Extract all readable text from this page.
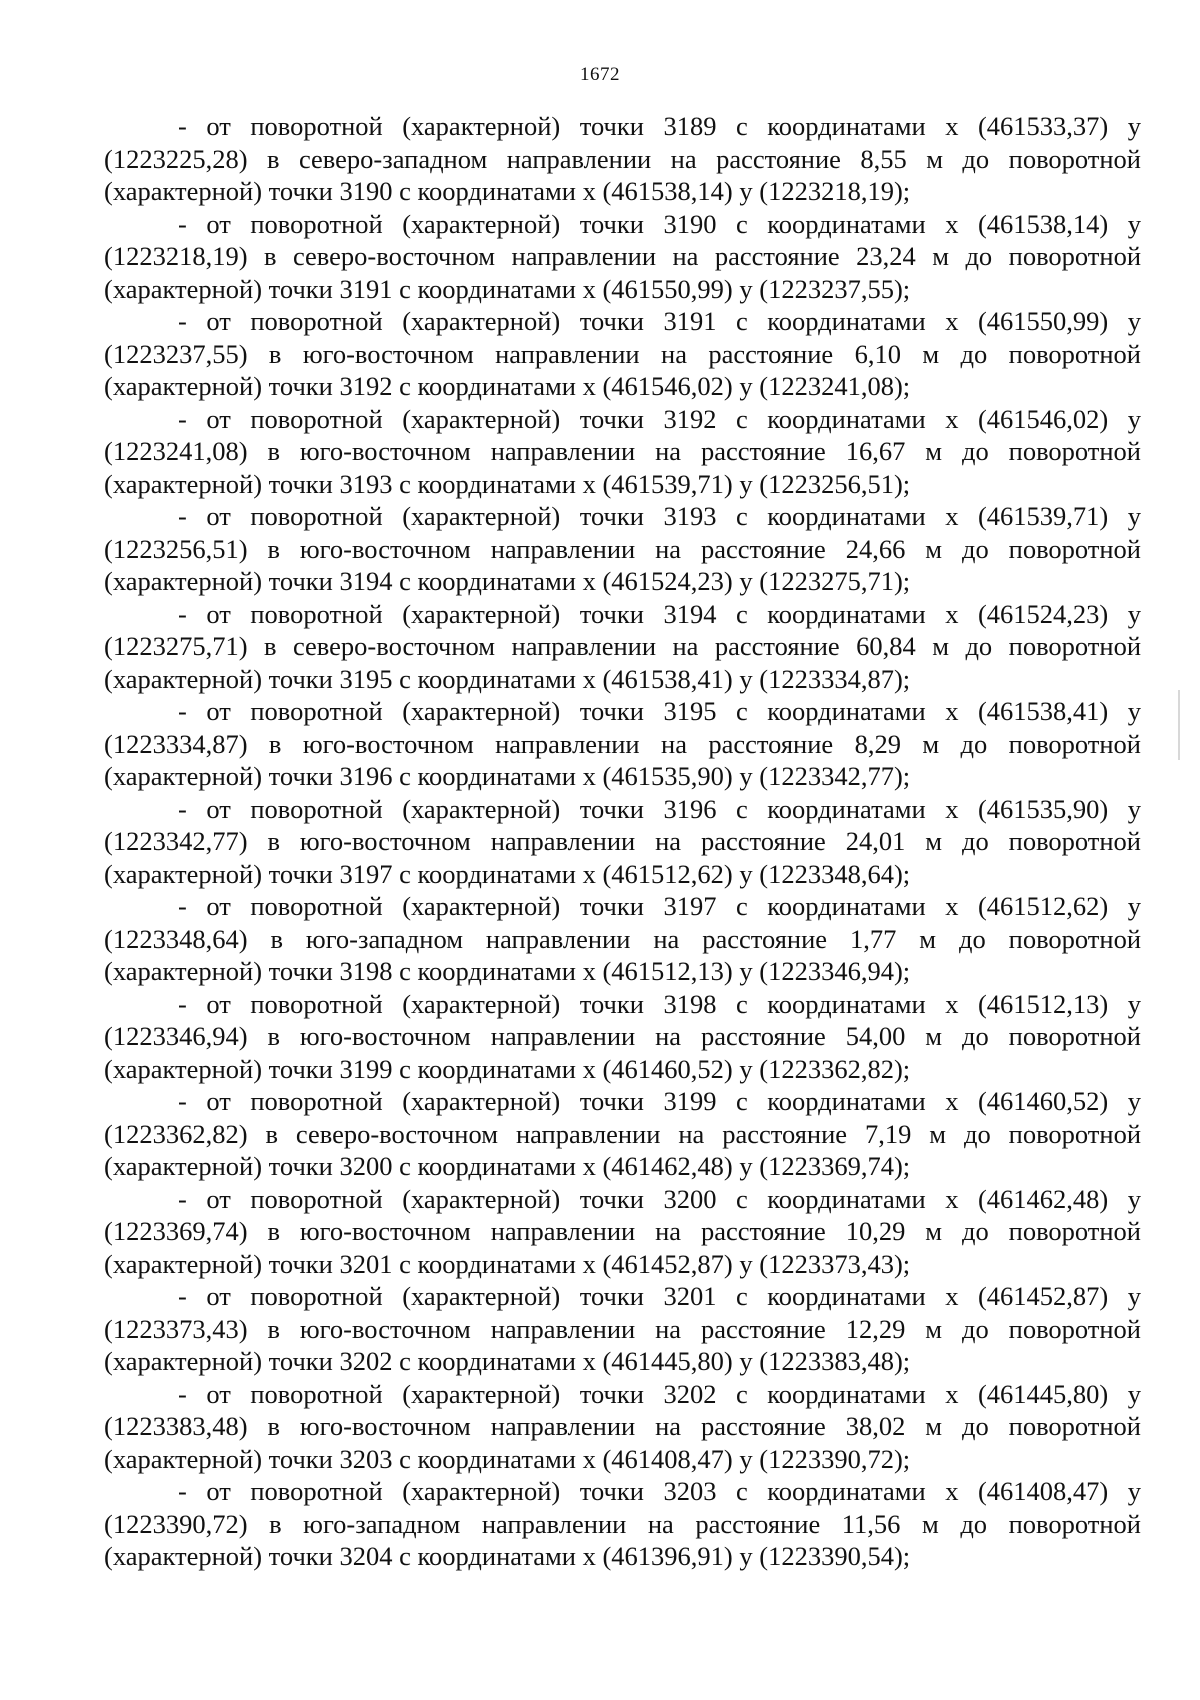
1672

- от поворотной (характерной) точки 3189 с координатами x (461533,37) y (1223225,28) в северо-западном направлении на расстояние 8,55 м до поворотной (характерной) точки 3190 с координатами x (461538,14) y (1223218,19);

- от поворотной (характерной) точки 3190 с координатами x (461538,14) y (1223218,19) в северо-восточном направлении на расстояние 23,24 м до поворотной (характерной) точки 3191 с координатами x (461550,99) y (1223237,55);

- от поворотной (характерной) точки 3191 с координатами x (461550,99) y (1223237,55) в юго-восточном направлении на расстояние 6,10 м до поворотной (характерной) точки 3192 с координатами x (461546,02) y (1223241,08);

- от поворотной (характерной) точки 3192 с координатами x (461546,02) y (1223241,08) в юго-восточном направлении на расстояние 16,67 м до поворотной (характерной) точки 3193 с координатами x (461539,71) y (1223256,51);

- от поворотной (характерной) точки 3193 с координатами x (461539,71) y (1223256,51) в юго-восточном направлении на расстояние 24,66 м до поворотной (характерной) точки 3194 с координатами x (461524,23) y (1223275,71);

- от поворотной (характерной) точки 3194 с координатами x (461524,23) y (1223275,71) в северо-восточном направлении на расстояние 60,84 м до поворотной (характерной) точки 3195 с координатами x (461538,41) y (1223334,87);

- от поворотной (характерной) точки 3195 с координатами x (461538,41) y (1223334,87) в юго-восточном направлении на расстояние 8,29 м до поворотной (характерной) точки 3196 с координатами x (461535,90) y (1223342,77);

- от поворотной (характерной) точки 3196 с координатами x (461535,90) y (1223342,77) в юго-восточном направлении на расстояние 24,01 м до поворотной (характерной) точки 3197 с координатами x (461512,62) y (1223348,64);

- от поворотной (характерной) точки 3197 с координатами x (461512,62) y (1223348,64) в юго-западном направлении на расстояние 1,77 м до поворотной (характерной) точки 3198 с координатами x (461512,13) y (1223346,94);

- от поворотной (характерной) точки 3198 с координатами x (461512,13) y (1223346,94) в юго-восточном направлении на расстояние 54,00 м до поворотной (характерной) точки 3199 с координатами x (461460,52) y (1223362,82);

- от поворотной (характерной) точки 3199 с координатами x (461460,52) y (1223362,82) в северо-восточном направлении на расстояние 7,19 м до поворотной (характерной) точки 3200 с координатами x (461462,48) y (1223369,74);

- от поворотной (характерной) точки 3200 с координатами x (461462,48) y (1223369,74) в юго-восточном направлении на расстояние 10,29 м до поворотной (характерной) точки 3201 с координатами x (461452,87) y (1223373,43);

- от поворотной (характерной) точки 3201 с координатами x (461452,87) y (1223373,43) в юго-восточном направлении на расстояние 12,29 м до поворотной (характерной) точки 3202 с координатами x (461445,80) y (1223383,48);

- от поворотной (характерной) точки 3202 с координатами x (461445,80) y (1223383,48) в юго-восточном направлении на расстояние 38,02 м до поворотной (характерной) точки 3203 с координатами x (461408,47) y (1223390,72);

- от поворотной (характерной) точки 3203 с координатами x (461408,47) y (1223390,72) в юго-западном направлении на расстояние 11,56 м до поворотной (характерной) точки 3204 с координатами x (461396,91) y (1223390,54);
